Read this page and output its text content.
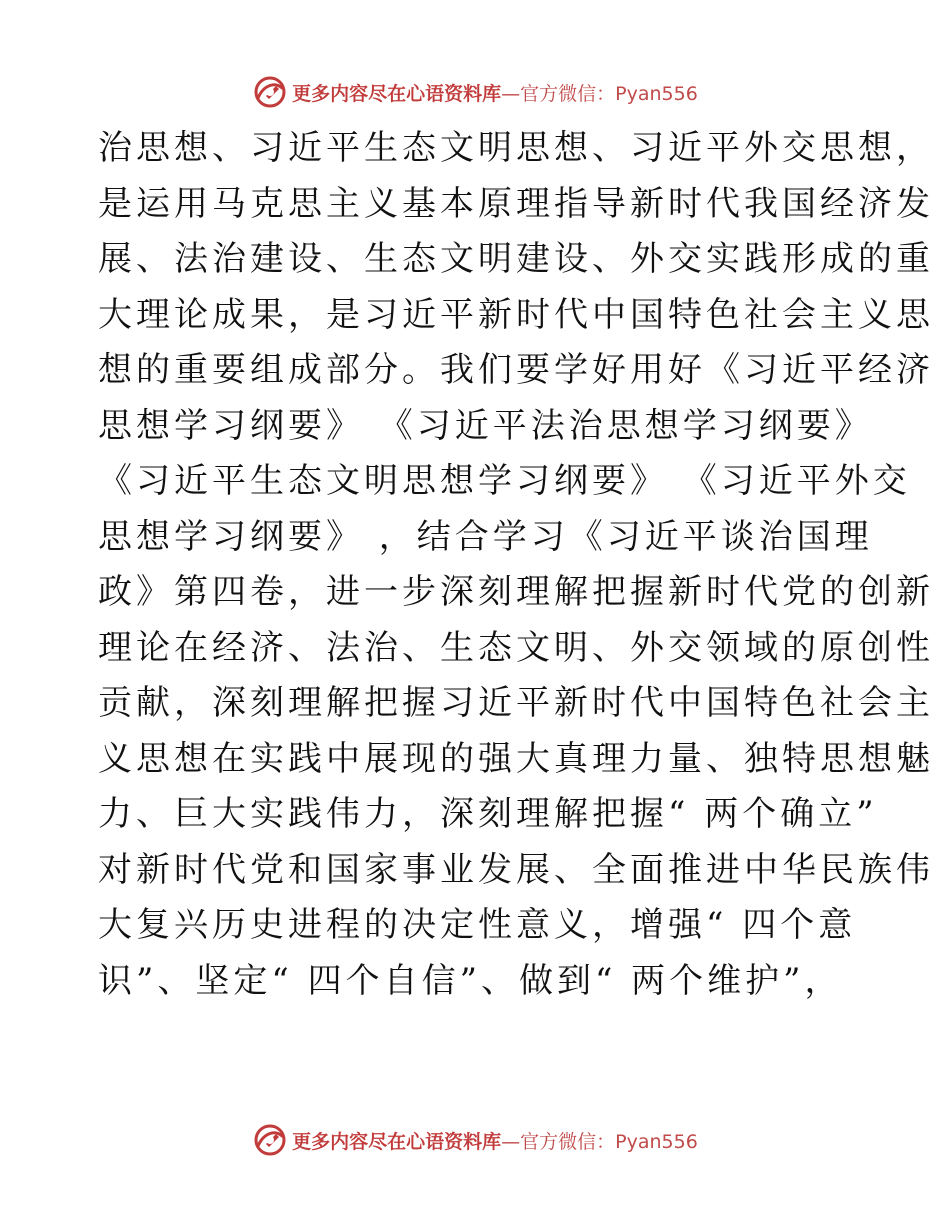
更多内容尽在心语资料库—官方微信：Pyan556
治思想、习近平生态文明思想、习近平外交思想，
是运用马克思主义基本原理指导新时代我国经济发
展、法治建设、生态文明建设、外交实践形成的重
大理论成果，是习近平新时代中国特色社会主义思
想的重要组成部分。我们要学好用好《习近平经济
思想学习纲要》 《习近平法治思想学习纲要》
《习近平生态文明思想学习纲要》 《习近平外交
思想学习纲要》 ，结合学习《习近平谈治国理
政》第四卷，进一步深刻理解把握新时代党的创新
理论在经济、法治、生态文明、外交领域的原创性
贡献，深刻理解把握习近平新时代中国特色社会主
义思想在实践中展现的强大真理力量、独特思想魅
力、巨大实践伟力，深刻理解把握“ 两个确立”
对新时代党和国家事业发展、全面推进中华民族伟
大复兴历史进程的决定性意义，增强“ 四个意
识”、坚定“ 四个自信”、做到“ 两个维护”，
更多内容尽在心语资料库—官方微信：Pyan556
